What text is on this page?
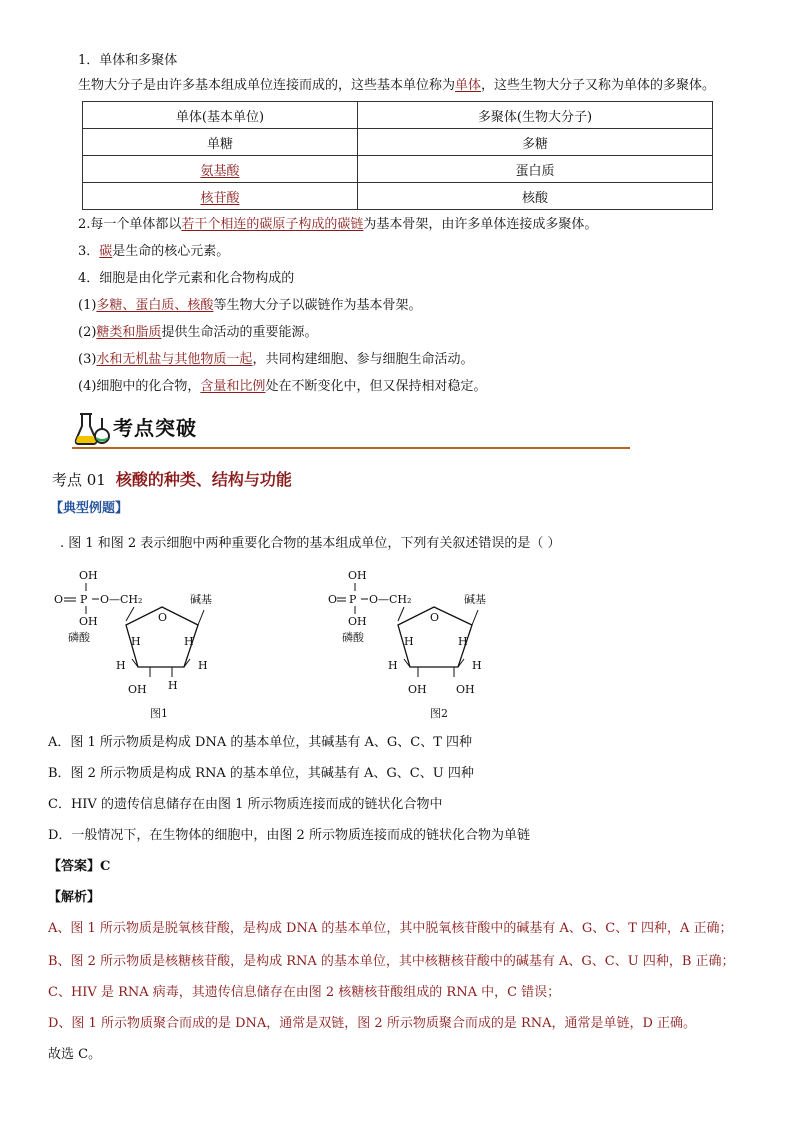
1．单体和多聚体
生物大分子是由许多基本组成单位连接而成的，这些基本单位称为单体，这些生物大分子又称为单体的多聚体。
单体(基本单位)	多聚体(生物大分子)
单糖	多糖
氨基酸	蛋白质
核苷酸	核酸
2.每一个单体都以若干个相连的碳原子构成的碳链为基本骨架，由许多单体连接成多聚体。
3．碳是生命的核心元素。
4．细胞是由化学元素和化合物构成的
(1)多糖、蛋白质、核酸等生物大分子以碳链作为基本骨架。
(2)糖类和脂质提供生命活动的重要能源。
(3)水和无机盐与其他物质一起，共同构建细胞、参与细胞生命活动。
(4)细胞中的化合物，含量和比例处在不断变化中，但又保持相对稳定。
考点突破
考点 01 核酸的种类、结构与功能
【典型例题】
. 图 1 和图 2 表示细胞中两种重要化合物的基本组成单位，下列有关叙述错误的是（ ）
OH
O P O—CH₂
OH
磷酸
碱基
O
H	H
H	H
OH H
图1
OH
O P O—CH₂
OH
磷酸
碱基
O
H	H
H	H
OH	OH
图2
A．图 1 所示物质是构成 DNA 的基本单位，其碱基有 A、G、C、T 四种
B．图 2 所示物质是构成 RNA 的基本单位，其碱基有 A、G、C、U 四种
C．HIV 的遗传信息储存在由图 1 所示物质连接而成的链状化合物中
D．一般情况下，在生物体的细胞中，由图 2 所示物质连接而成的链状化合物为单链
【答案】C
【解析】
A、图 1 所示物质是脱氧核苷酸，是构成 DNA 的基本单位，其中脱氧核苷酸中的碱基有 A、G、C、T 四种，A 正确；
B、图 2 所示物质是核糖核苷酸，是构成 RNA 的基本单位，其中核糖核苷酸中的碱基有 A、G、C、U 四种，B 正确；
C、HIV 是 RNA 病毒，其遗传信息储存在由图 2 核糖核苷酸组成的 RNA 中，C 错误；
D、图 1 所示物质聚合而成的是 DNA，通常是双链，图 2 所示物质聚合而成的是 RNA，通常是单链，D 正确。
故选 C。
